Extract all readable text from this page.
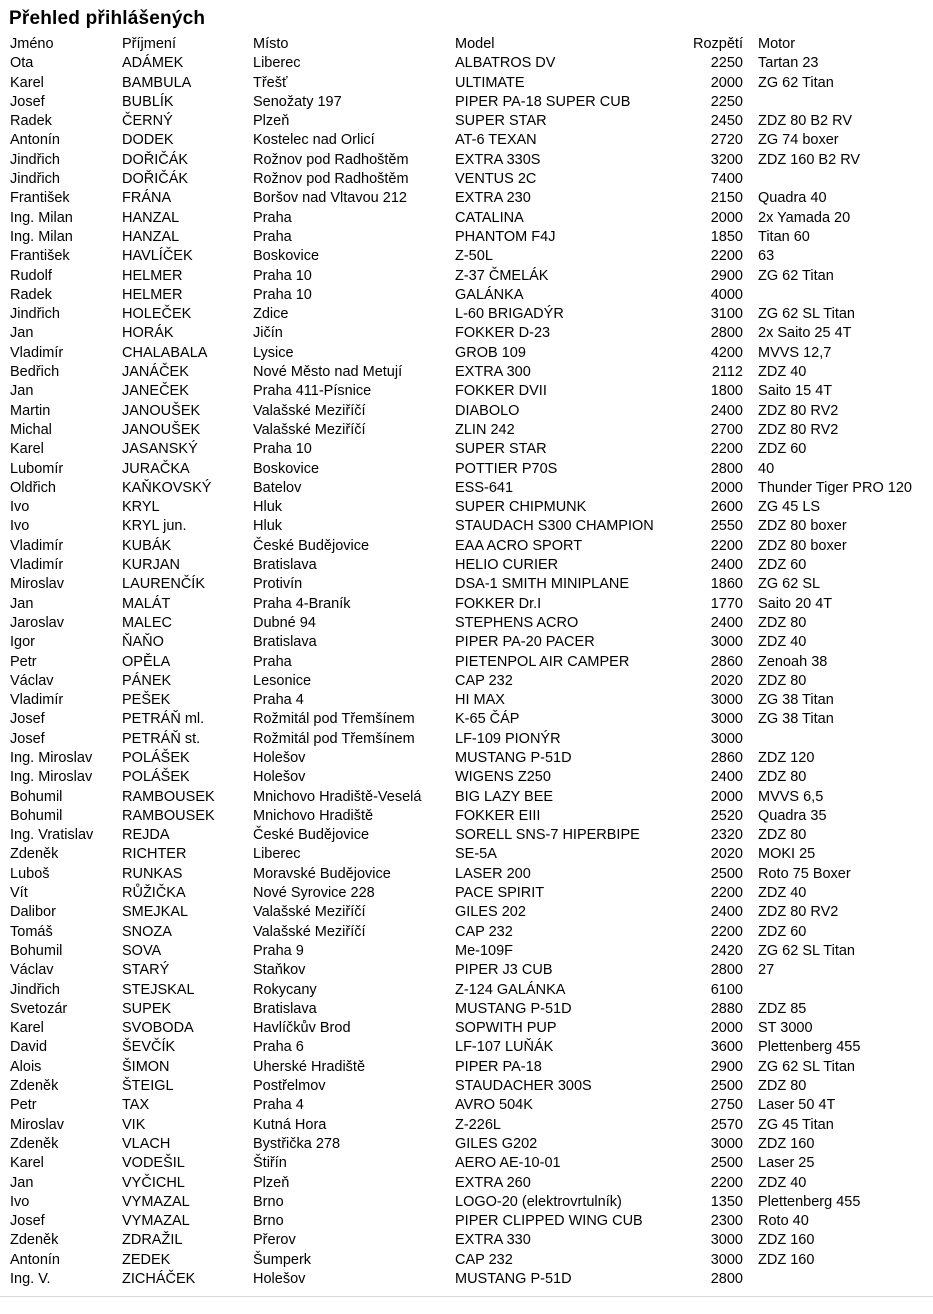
Přehled přihlášených
Jméno	Příjmení	Místo	Model	Rozpětí	Motor
Ota	ADÁMEK	Liberec	ALBATROS DV	2250	Tartan 23
Karel	BAMBULA	Třešť	ULTIMATE	2000	ZG 62 Titan
Josef	BUBLÍK	Senožaty 197	PIPER PA-18 SUPER CUB	2250	
Radek	ČERNÝ	Plzeň	SUPER STAR	2450	ZDZ 80 B2 RV
Antonín	DODEK	Kostelec nad Orlicí	AT-6 TEXAN	2720	ZG 74 boxer
Jindřich	DOŘIČÁK	Rožnov pod Radhoštěm	EXTRA 330S	3200	ZDZ 160 B2 RV
Jindřich	DOŘIČÁK	Rožnov pod Radhoštěm	VENTUS 2C	7400	
František	FRÁNA	Boršov nad Vltavou 212	EXTRA 230	2150	Quadra 40
Ing. Milan	HANZAL	Praha	CATALINA	2000	2x Yamada 20
Ing. Milan	HANZAL	Praha	PHANTOM F4J	1850	Titan 60
František	HAVLÍČEK	Boskovice	Z-50L	2200	63
Rudolf	HELMER	Praha 10	Z-37 ČMELÁK	2900	ZG 62 Titan
Radek	HELMER	Praha 10	GALÁNKA	4000	
Jindřich	HOLEČEK	Zdice	L-60 BRIGADÝR	3100	ZG 62 SL Titan
Jan	HORÁK	Jičín	FOKKER D-23	2800	2x Saito 25 4T
Vladimír	CHALABALA	Lysice	GROB 109	4200	MVVS 12,7
Bedřich	JANÁČEK	Nové Město nad Metují	EXTRA 300	2112	ZDZ 40
Jan	JANEČEK	Praha 411-Písnice	FOKKER DVII	1800	Saito 15 4T
Martin	JANOUŠEK	Valašské Meziříčí	DIABOLO	2400	ZDZ 80 RV2
Michal	JANOUŠEK	Valašské Meziříčí	ZLIN 242	2700	ZDZ 80 RV2
Karel	JASANSKÝ	Praha 10	SUPER STAR	2200	ZDZ 60
Lubomír	JURAČKA	Boskovice	POTTIER P70S	2800	40
Oldřich	KAŇKOVSKÝ	Batelov	ESS-641	2000	Thunder Tiger PRO 120
Ivo	KRYL	Hluk	SUPER CHIPMUNK	2600	ZG 45 LS
Ivo	KRYL jun.	Hluk	STAUDACH S300 CHAMPION	2550	ZDZ 80 boxer
Vladimír	KUBÁK	České Budějovice	EAA ACRO SPORT	2200	ZDZ 80 boxer
Vladimír	KURJAN	Bratislava	HELIO CURIER	2400	ZDZ 60
Miroslav	LAURENČÍK	Protivín	DSA-1 SMITH MINIPLANE	1860	ZG 62 SL
Jan	MALÁT	Praha 4-Braník	FOKKER Dr.I	1770	Saito 20 4T
Jaroslav	MALEC	Dubné 94	STEPHENS ACRO	2400	ZDZ 80
Igor	ŇAŇO	Bratislava	PIPER PA-20 PACER	3000	ZDZ 40
Petr	OPĚLA	Praha	PIETENPOL AIR CAMPER	2860	Zenoah 38
Václav	PÁNEK	Lesonice	CAP 232	2020	ZDZ 80
Vladimír	PEŠEK	Praha 4	HI MAX	3000	ZG 38 Titan
Josef	PETRÁŇ ml.	Rožmitál pod Třemšínem	K-65 ČÁP	3000	ZG 38 Titan
Josef	PETRÁŇ st.	Rožmitál pod Třemšínem	LF-109 PIONÝR	3000	
Ing. Miroslav	POLÁŠEK	Holešov	MUSTANG P-51D	2860	ZDZ 120
Ing. Miroslav	POLÁŠEK	Holešov	WIGENS Z250	2400	ZDZ 80
Bohumil	RAMBOUSEK	Mnichovo Hradiště-Veselá	BIG LAZY BEE	2000	MVVS 6,5
Bohumil	RAMBOUSEK	Mnichovo Hradiště	FOKKER EIII	2520	Quadra 35
Ing. Vratislav	REJDA	České Budějovice	SORELL SNS-7 HIPERBIPE	2320	ZDZ 80
Zdeněk	RICHTER	Liberec	SE-5A	2020	MOKI 25
Luboš	RUNKAS	Moravské Budějovice	LASER 200	2500	Roto 75 Boxer
Vít	RŮŽIČKA	Nové Syrovice 228	PACE SPIRIT	2200	ZDZ 40
Dalibor	SMEJKAL	Valašské Meziříčí	GILES 202	2400	ZDZ 80 RV2
Tomáš	SNOZA	Valašské Meziříčí	CAP 232	2200	ZDZ 60
Bohumil	SOVA	Praha 9	Me-109F	2420	ZG 62 SL Titan
Václav	STARÝ	Staňkov	PIPER J3 CUB	2800	27
Jindřich	STEJSKAL	Rokycany	Z-124 GALÁNKA	6100	
Svetozár	SUPEK	Bratislava	MUSTANG P-51D	2880	ZDZ 85
Karel	SVOBODA	Havlíčkův Brod	SOPWITH PUP	2000	ST 3000
David	ŠEVČÍK	Praha 6	LF-107 LUŇÁK	3600	Plettenberg 455
Alois	ŠIMON	Uherské Hradiště	PIPER PA-18	2900	ZG 62 SL Titan
Zdeněk	ŠTEIGL	Postřelmov	STAUDACHER 300S	2500	ZDZ 80
Petr	TAX	Praha 4	AVRO 504K	2750	Laser 50 4T
Miroslav	VIK	Kutná Hora	Z-226L	2570	ZG 45 Titan
Zdeněk	VLACH	Bystřička 278	GILES G202	3000	ZDZ 160
Karel	VODEŠIL	Štiřín	AERO AE-10-01	2500	Laser 25
Jan	VYČICHL	Plzeň	EXTRA 260	2200	ZDZ 40
Ivo	VYMAZAL	Brno	LOGO-20 (elektrovrtulník)	1350	Plettenberg 455
Josef	VYMAZAL	Brno	PIPER CLIPPED WING CUB	2300	Roto 40
Zdeněk	ZDRAŽIL	Přerov	EXTRA 330	3000	ZDZ 160
Antonín	ZEDEK	Šumperk	CAP 232	3000	ZDZ 160
Ing. V.	ZICHÁČEK	Holešov	MUSTANG P-51D	2800	
